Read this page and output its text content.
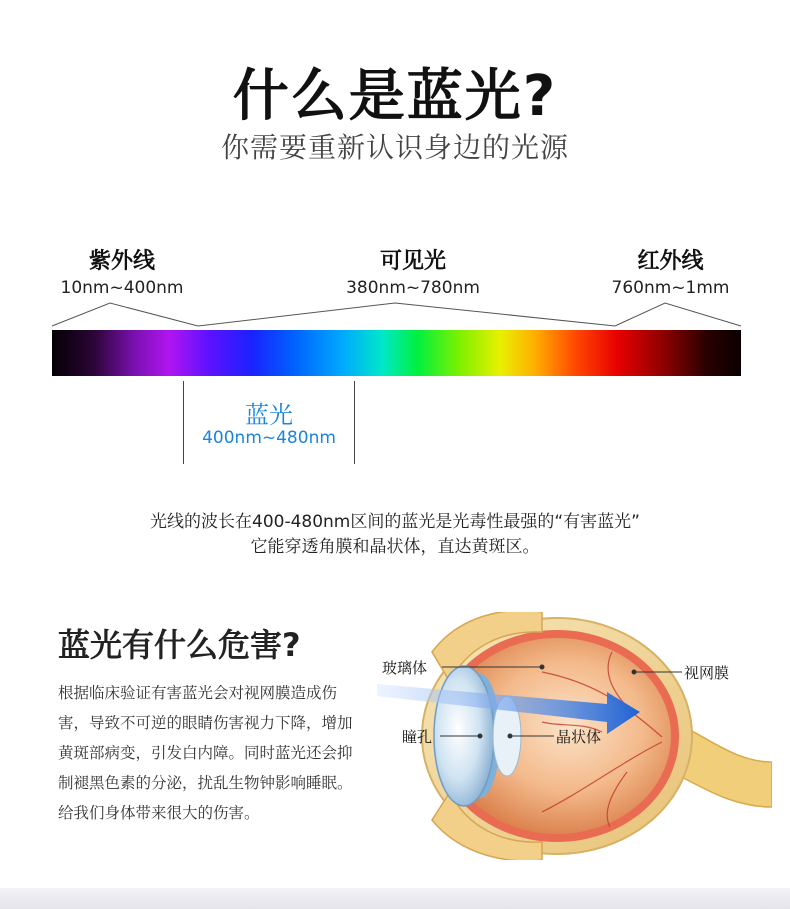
什么是蓝光?
你需要重新认识身边的光源
紫外线
10nm~400nm
可见光
380nm~780nm
红外线
760nm~1mm
蓝光
400nm~480nm
光线的波长在400-480nm区间的蓝光是光毒性最强的“有害蓝光”
它能穿透角膜和晶状体，直达黄斑区。
蓝光有什么危害?
根据临床验证有害蓝光会对视网膜造成伤害，导致不可逆的眼睛伤害视力下降，增加黄斑部病变，引发白内障。同时蓝光还会抑制褪黑色素的分泌，扰乱生物钟影响睡眠。给我们身体带来很大的伤害。
玻璃体	视网膜
瞳孔	晶状体
